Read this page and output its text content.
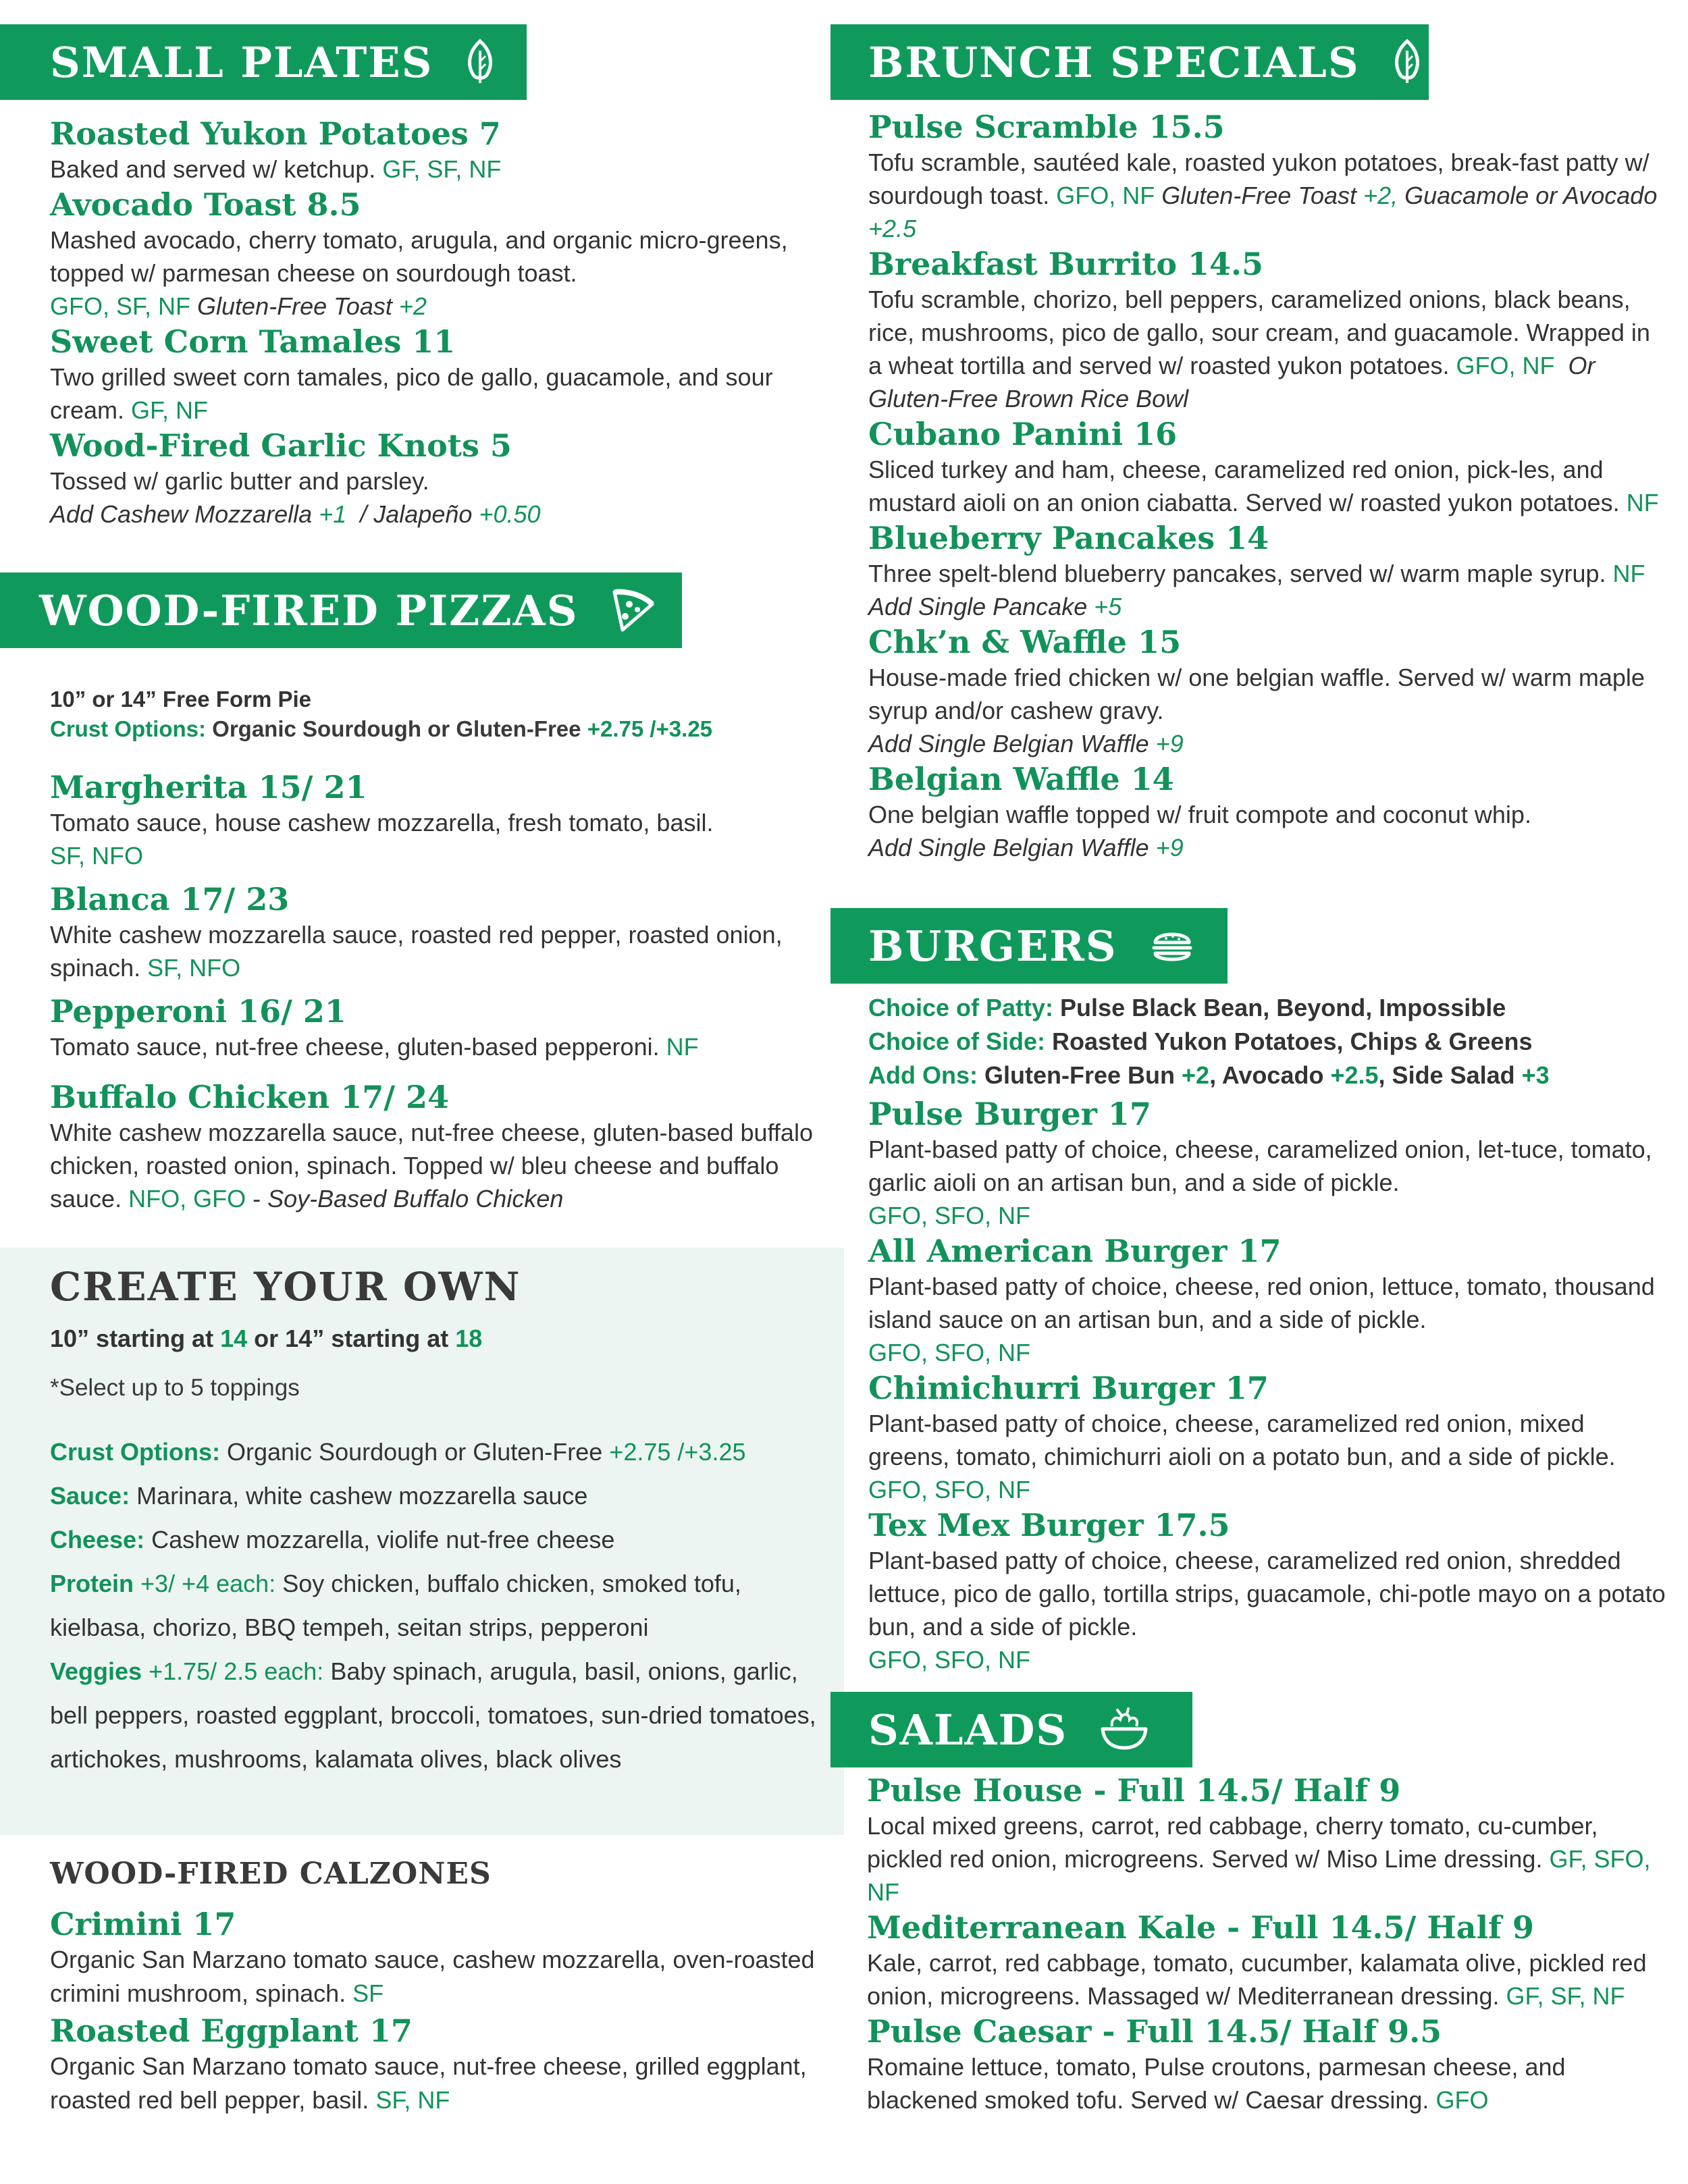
SMALL PLATES
Roasted Yukon Potatoes 7
Baked and served w/ ketchup. GF, SF, NF
Avocado Toast 8.5
Mashed avocado, cherry tomato, arugula, and organic micro-greens, topped w/ parmesan cheese on sourdough toast.
GFO, SF, NF Gluten-Free Toast +2
Sweet Corn Tamales 11
Two grilled sweet corn tamales, pico de gallo, guacamole, and sour cream. GF, NF
Wood-Fired Garlic Knots 5
Tossed w/ garlic butter and parsley.
Add Cashew Mozzarella +1 / Jalapeño +0.50
WOOD-FIRED PIZZAS
10” or 14” Free Form Pie
Crust Options: Organic Sourdough or Gluten-Free +2.75 /+3.25
Margherita 15/ 21
Tomato sauce, house cashew mozzarella, fresh tomato, basil.
SF, NFO
Blanca 17/ 23
White cashew mozzarella sauce, roasted red pepper, roasted onion, spinach. SF, NFO
Pepperoni 16/ 21
Tomato sauce, nut-free cheese, gluten-based pepperoni. NF
Buffalo Chicken 17/ 24
White cashew mozzarella sauce, nut-free cheese, gluten-based buffalo chicken, roasted onion, spinach. Topped w/ bleu cheese and buffalo sauce. NFO, GFO - Soy-Based Buffalo Chicken
CREATE YOUR OWN
10” starting at 14 or 14” starting at 18
*Select up to 5 toppings
Crust Options: Organic Sourdough or Gluten-Free +2.75 /+3.25
Sauce: Marinara, white cashew mozzarella sauce
Cheese: Cashew mozzarella, violife nut-free cheese
Protein +3/ +4 each: Soy chicken, buffalo chicken, smoked tofu, kielbasa, chorizo, BBQ tempeh, seitan strips, pepperoni
Veggies +1.75/ 2.5 each: Baby spinach, arugula, basil, onions, garlic, bell peppers, roasted eggplant, broccoli, tomatoes, sun-dried tomatoes, artichokes, mushrooms, kalamata olives, black olives
WOOD-FIRED CALZONES
Crimini 17
Organic San Marzano tomato sauce, cashew mozzarella, oven-roasted crimini mushroom, spinach. SF
Roasted Eggplant 17
Organic San Marzano tomato sauce, nut-free cheese, grilled eggplant, roasted red bell pepper, basil. SF, NF
BRUNCH SPECIALS
Pulse Scramble 15.5
Tofu scramble, sautéed kale, roasted yukon potatoes, break-fast patty w/ sourdough toast. GFO, NF Gluten-Free Toast +2, Guacamole or Avocado +2.5
Breakfast Burrito 14.5
Tofu scramble, chorizo, bell peppers, caramelized onions, black beans, rice, mushrooms, pico de gallo, sour cream, and guacamole. Wrapped in a wheat tortilla and served w/ roasted yukon potatoes. GFO, NF Or Gluten-Free Brown Rice Bowl
Cubano Panini 16
Sliced turkey and ham, cheese, caramelized red onion, pick-les, and mustard aioli on an onion ciabatta. Served w/ roasted yukon potatoes. NF
Blueberry Pancakes 14
Three spelt-blend blueberry pancakes, served w/ warm maple syrup. NF Add Single Pancake +5
Chk’n & Waffle 15
House-made fried chicken w/ one belgian waffle. Served w/ warm maple syrup and/or cashew gravy.
Add Single Belgian Waffle +9
Belgian Waffle 14
One belgian waffle topped w/ fruit compote and coconut whip.
Add Single Belgian Waffle +9
BURGERS
Choice of Patty: Pulse Black Bean, Beyond, Impossible
Choice of Side: Roasted Yukon Potatoes, Chips & Greens
Add Ons: Gluten-Free Bun +2, Avocado +2.5, Side Salad +3
Pulse Burger 17
Plant-based patty of choice, cheese, caramelized onion, let-tuce, tomato, garlic aioli on an artisan bun, and a side of pickle.
GFO, SFO, NF
All American Burger 17
Plant-based patty of choice, cheese, red onion, lettuce, tomato, thousand island sauce on an artisan bun, and a side of pickle.
GFO, SFO, NF
Chimichurri Burger 17
Plant-based patty of choice, cheese, caramelized red onion, mixed greens, tomato, chimichurri aioli on a potato bun, and a side of pickle. GFO, SFO, NF
Tex Mex Burger 17.5
Plant-based patty of choice, cheese, caramelized red onion, shredded lettuce, pico de gallo, tortilla strips, guacamole, chi-potle mayo on a potato bun, and a side of pickle.
GFO, SFO, NF
SALADS
Pulse House - Full 14.5/ Half 9
Local mixed greens, carrot, red cabbage, cherry tomato, cu-cumber, pickled red onion, microgreens. Served w/ Miso Lime dressing. GF, SFO, NF
Mediterranean Kale - Full 14.5/ Half 9
Kale, carrot, red cabbage, tomato, cucumber, kalamata olive, pickled red onion, microgreens. Massaged w/ Mediterranean dressing. GF, SF, NF
Pulse Caesar - Full 14.5/ Half 9.5
Romaine lettuce, tomato, Pulse croutons, parmesan cheese, and blackened smoked tofu. Served w/ Caesar dressing. GFO
